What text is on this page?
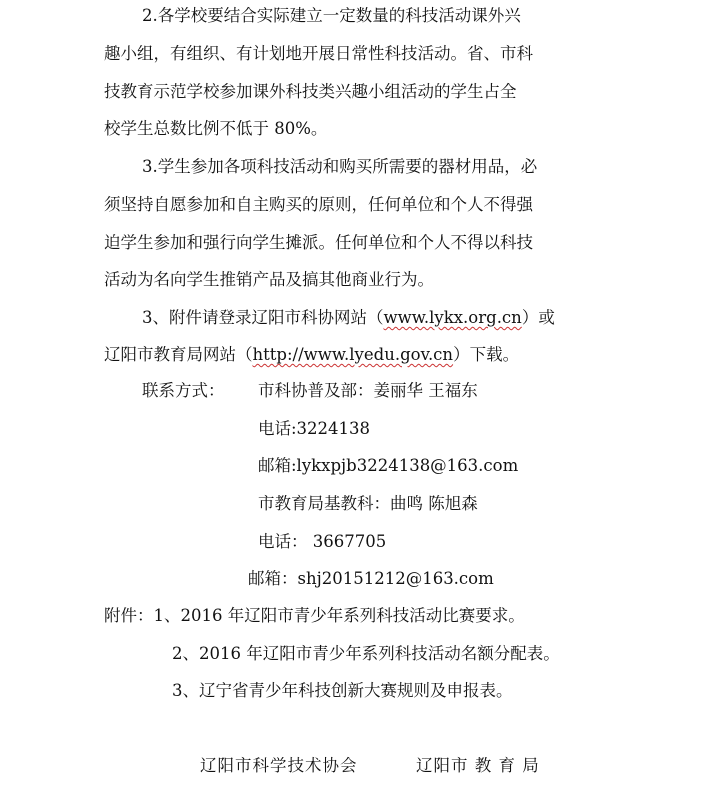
2.各学校要结合实际建立一定数量的科技活动课外兴
趣小组，有组织、有计划地开展日常性科技活动。省、市科
技教育示范学校参加课外科技类兴趣小组活动的学生占全
校学生总数比例不低于 80%。
3.学生参加各项科技活动和购买所需要的器材用品，必
须坚持自愿参加和自主购买的原则，任何单位和个人不得强
迫学生参加和强行向学生摊派。任何单位和个人不得以科技
活动为名向学生推销产品及搞其他商业行为。
3、附件请登录辽阳市科协网站（www.lykx.org.cn）或
辽阳市教育局网站（http://www.lyedu.gov.cn）下载。
联系方式： 市科协普及部：姜丽华 王福东
电话:3224138
邮箱:lykxpjb3224138@163.com
市教育局基教科：曲鸣 陈旭森
电话： 3667705
邮箱：shj20151212@163.com
附件：1、2016 年辽阳市青少年系列科技活动比赛要求。
2、2016 年辽阳市青少年系列科技活动名额分配表。
3、辽宁省青少年科技创新大赛规则及申报表。
辽阳市科学技术协会	辽阳市 教 育 局
